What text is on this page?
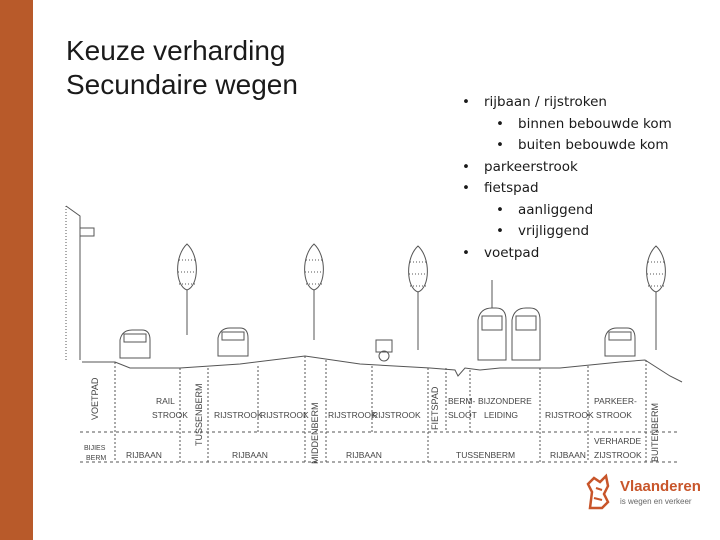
Keuze verharding
Secundaire wegen
• rijbaan / rijstroken
• binnen bebouwde kom
• buiten bebouwde kom
• parkeerstrook
• fietspad
• aanliggend
• vrijliggend
• voetpad
VOETPAD	TUSSENBERM	MIDDENBERM	FIETSPAD	BUITENBERM
RAIL
STROOK	RIJSTROOK
RIJSTROOK RIJSTROOK
RIJSTROOK
BERM-
SLOOT
BIJZONDERE
LEIDING	RIJSTROOK
PARKEER-
STROOK
BIJIES
BERM RIJBAAN	RIJBAAN	RIJBAAN	TUSSENBERM	RIJBAAN
VERHARDE
ZIJSTROOK
Vlaanderen
is wegen en verkeer
